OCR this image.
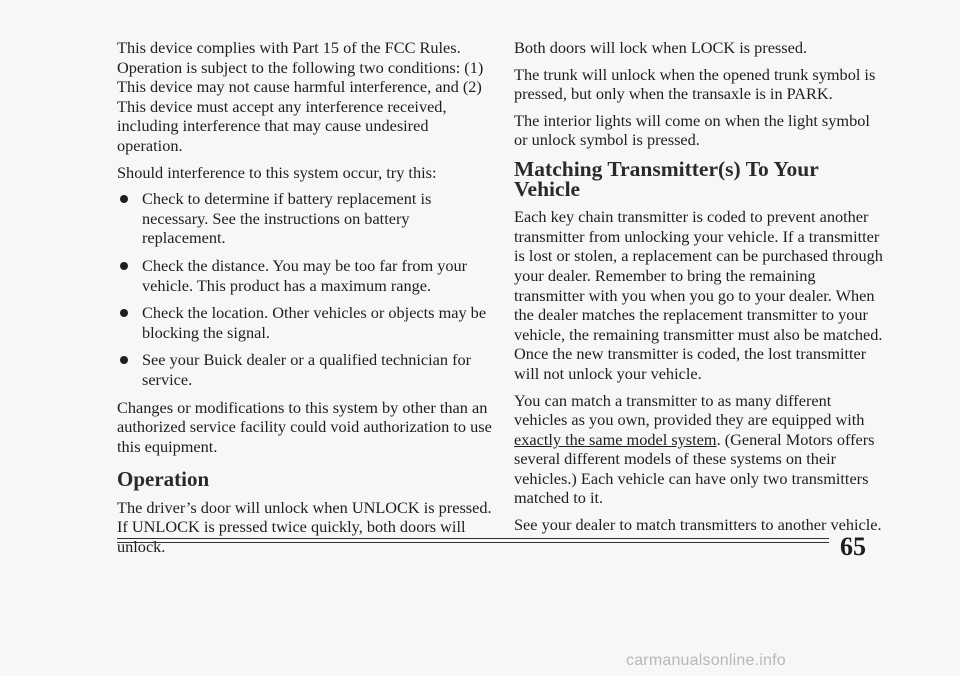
This device complies with Part 15 of the FCC Rules. Operation is subject to the following two conditions: (1) This device may not cause harmful interference, and (2) This device must accept any interference received, including interference that may cause undesired operation.

Should interference to this system occur, try this:

Check to determine if battery replacement is necessary. See the instructions on battery replacement.
Check the distance. You may be too far from your vehicle. This product has a maximum range.
Check the location. Other vehicles or objects may be blocking the signal.
See your Buick dealer or a qualified technician for service.

Changes or modifications to this system by other than an authorized service facility could void authorization to use this equipment.

Operation

The driver’s door will unlock when UNLOCK is pressed. If UNLOCK is pressed twice quickly, both doors will unlock.

Both doors will lock when LOCK is pressed.

The trunk will unlock when the opened trunk symbol is pressed, but only when the transaxle is in PARK.

The interior lights will come on when the light symbol or unlock symbol is pressed.

Matching Transmitter(s) To Your Vehicle

Each key chain transmitter is coded to prevent another transmitter from unlocking your vehicle. If a transmitter is lost or stolen, a replacement can be purchased through your dealer. Remember to bring the remaining transmitter with you when you go to your dealer. When the dealer matches the replacement transmitter to your vehicle, the remaining transmitter must also be matched. Once the new transmitter is coded, the lost transmitter will not unlock your vehicle.

You can match a transmitter to as many different vehicles as you own, provided they are equipped with exactly the same model system. (General Motors offers several different models of these systems on their vehicles.) Each vehicle can have only two transmitters matched to it.

See your dealer to match transmitters to another vehicle.

65
carmanualsonline.info
